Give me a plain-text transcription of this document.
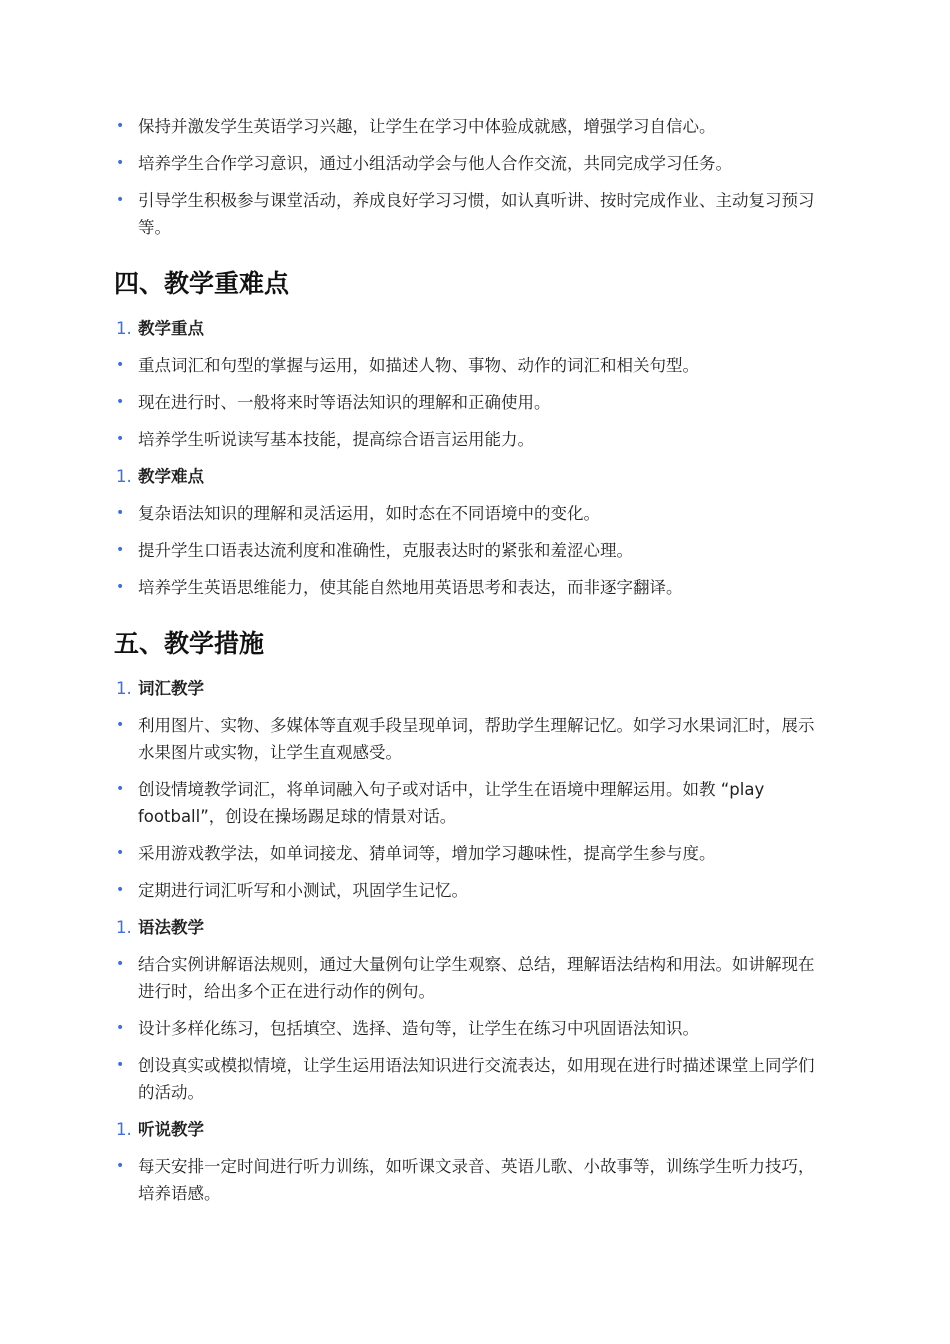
• 保持并激发学生英语学习兴趣，让学生在学习中体验成就感，增强学习自信心。
• 培养学生合作学习意识，通过小组活动学会与他人合作交流，共同完成学习任务。
• 引导学生积极参与课堂活动，养成良好学习习惯，如认真听讲、按时完成作业、主动复习预习等。
四、教学重难点
1. 教学重点
• 重点词汇和句型的掌握与运用，如描述人物、事物、动作的词汇和相关句型。
• 现在进行时、一般将来时等语法知识的理解和正确使用。
• 培养学生听说读写基本技能，提高综合语言运用能力。
1. 教学难点
• 复杂语法知识的理解和灵活运用，如时态在不同语境中的变化。
• 提升学生口语表达流利度和准确性，克服表达时的紧张和羞涩心理。
• 培养学生英语思维能力，使其能自然地用英语思考和表达，而非逐字翻译。
五、教学措施
1. 词汇教学
• 利用图片、实物、多媒体等直观手段呈现单词，帮助学生理解记忆。如学习水果词汇时，展示水果图片或实物，让学生直观感受。
• 创设情境教学词汇，将单词融入句子或对话中，让学生在语境中理解运用。如教 “play football”，创设在操场踢足球的情景对话。
• 采用游戏教学法，如单词接龙、猜单词等，增加学习趣味性，提高学生参与度。
• 定期进行词汇听写和小测试，巩固学生记忆。
1. 语法教学
• 结合实例讲解语法规则，通过大量例句让学生观察、总结，理解语法结构和用法。如讲解现在进行时，给出多个正在进行动作的例句。
• 设计多样化练习，包括填空、选择、造句等，让学生在练习中巩固语法知识。
• 创设真实或模拟情境，让学生运用语法知识进行交流表达，如用现在进行时描述课堂上同学们的活动。
1. 听说教学
• 每天安排一定时间进行听力训练，如听课文录音、英语儿歌、小故事等，训练学生听力技巧，培养语感。
